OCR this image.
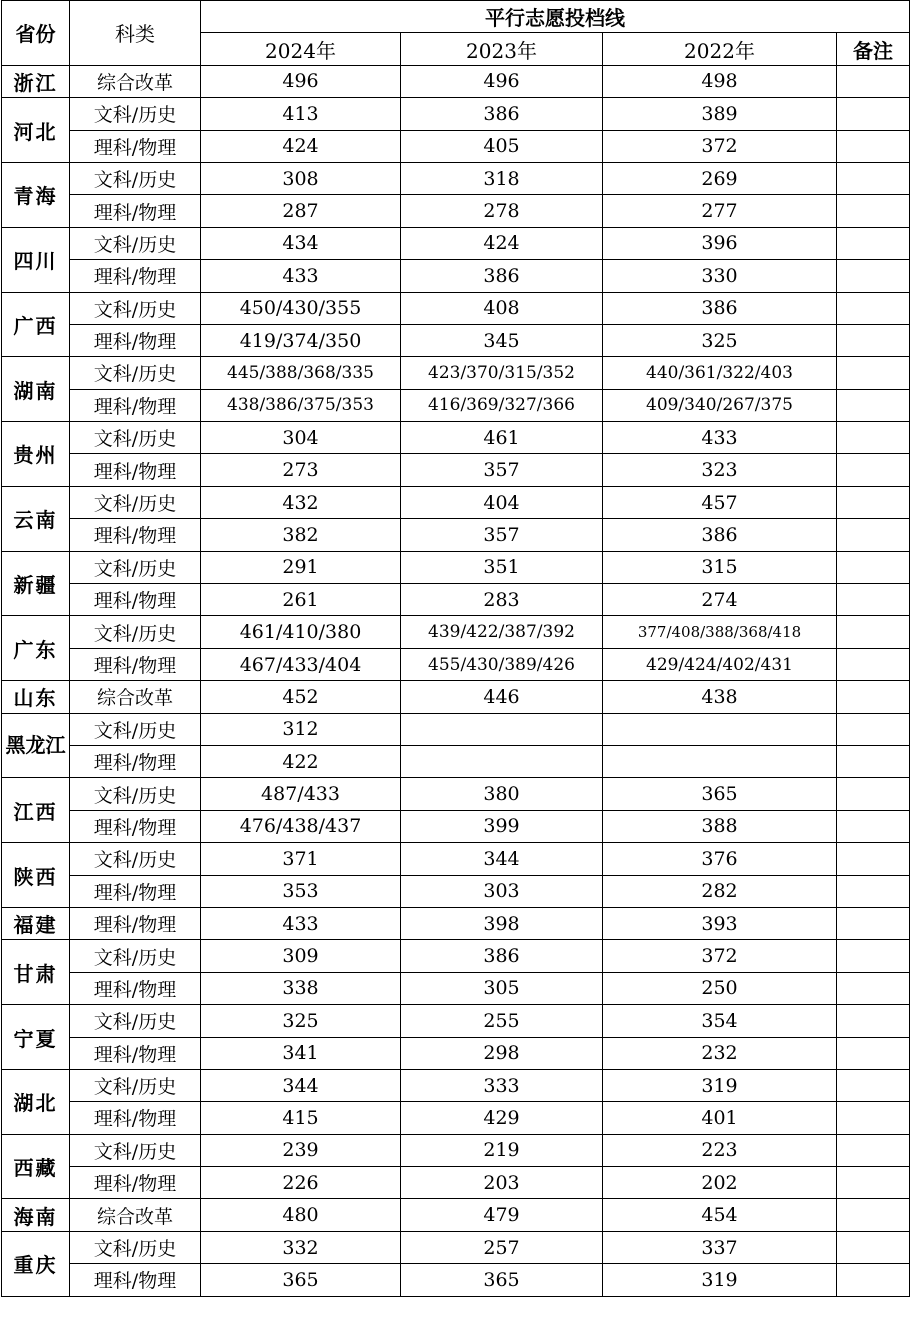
省份	科类	平行志愿投档线			
		2024年	2023年	2022年	备注
浙江	综合改革	496	496	498	
河北	文科/历史	413	386	389	
	理科/物理	424	405	372	
青海	文科/历史	308	318	269	
	理科/物理	287	278	277	
四川	文科/历史	434	424	396	
	理科/物理	433	386	330	
广西	文科/历史	450/430/355	408	386	
	理科/物理	419/374/350	345	325	
湖南	文科/历史	445/388/368/335	423/370/315/352	440/361/322/403	
	理科/物理	438/386/375/353	416/369/327/366	409/340/267/375	
贵州	文科/历史	304	461	433	
	理科/物理	273	357	323	
云南	文科/历史	432	404	457	
	理科/物理	382	357	386	
新疆	文科/历史	291	351	315	
	理科/物理	261	283	274	
广东	文科/历史	461/410/380	439/422/387/392	377/408/388/368/418	
	理科/物理	467/433/404	455/430/389/426	429/424/402/431	
山东	综合改革	452	446	438	
黑龙江	文科/历史	312			
	理科/物理	422			
江西	文科/历史	487/433	380	365	
	理科/物理	476/438/437	399	388	
陕西	文科/历史	371	344	376	
	理科/物理	353	303	282	
福建	理科/物理	433	398	393	
甘肃	文科/历史	309	386	372	
	理科/物理	338	305	250	
宁夏	文科/历史	325	255	354	
	理科/物理	341	298	232	
湖北	文科/历史	344	333	319	
	理科/物理	415	429	401	
西藏	文科/历史	239	219	223	
	理科/物理	226	203	202	
海南	综合改革	480	479	454	
重庆	文科/历史	332	257	337	
	理科/物理	365	365	319	
